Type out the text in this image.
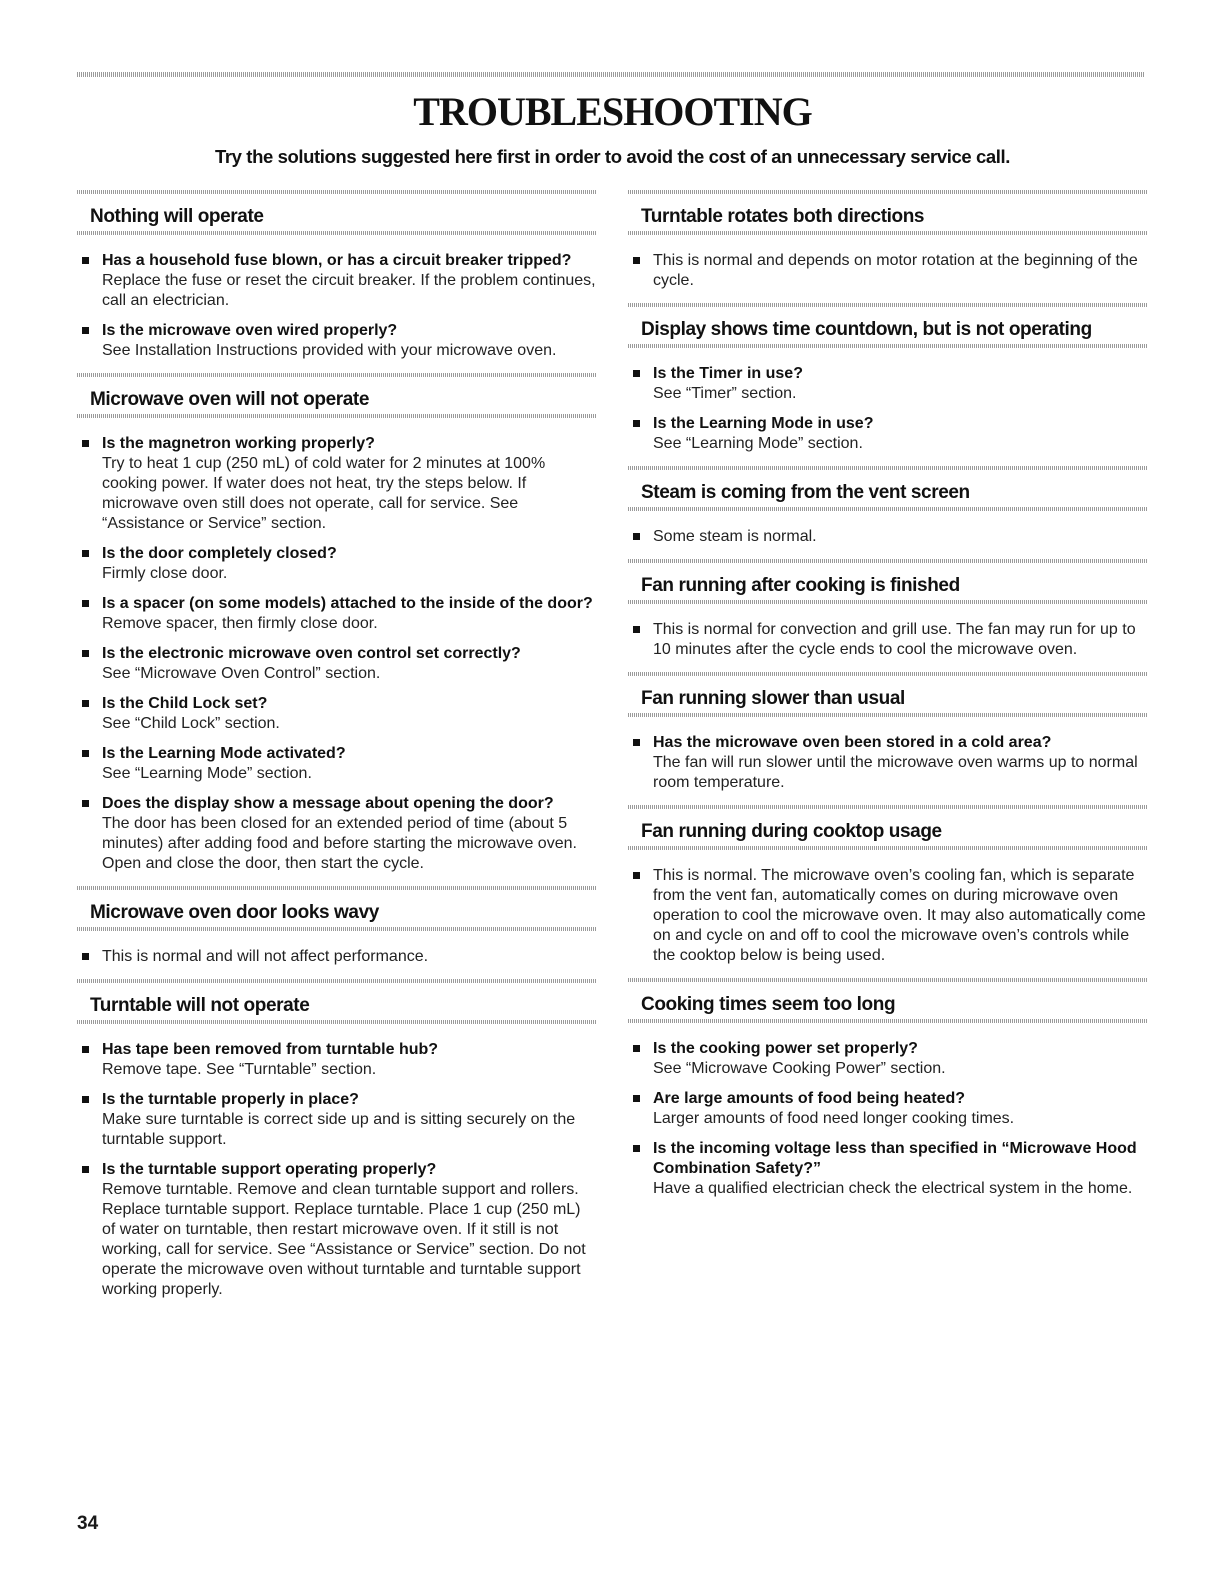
TROUBLESHOOTING
Try the solutions suggested here first in order to avoid the cost of an unnecessary service call.
Nothing will operate
Has a household fuse blown, or has a circuit breaker tripped?
Replace the fuse or reset the circuit breaker. If the problem continues, call an electrician.
Is the microwave oven wired properly?
See Installation Instructions provided with your microwave oven.
Microwave oven will not operate
Is the magnetron working properly?
Try to heat 1 cup (250 mL) of cold water for 2 minutes at 100% cooking power. If water does not heat, try the steps below. If microwave oven still does not operate, call for service. See “Assistance or Service” section.
Is the door completely closed?
Firmly close door.
Is a spacer (on some models) attached to the inside of the door?
Remove spacer, then firmly close door.
Is the electronic microwave oven control set correctly?
See “Microwave Oven Control” section.
Is the Child Lock set?
See “Child Lock” section.
Is the Learning Mode activated?
See “Learning Mode” section.
Does the display show a message about opening the door?
The door has been closed for an extended period of time (about 5 minutes) after adding food and before starting the microwave oven. Open and close the door, then start the cycle.
Microwave oven door looks wavy
This is normal and will not affect performance.
Turntable will not operate
Has tape been removed from turntable hub?
Remove tape. See “Turntable” section.
Is the turntable properly in place?
Make sure turntable is correct side up and is sitting securely on the turntable support.
Is the turntable support operating properly?
Remove turntable. Remove and clean turntable support and rollers. Replace turntable support. Replace turntable. Place 1 cup (250 mL) of water on turntable, then restart microwave oven. If it still is not working, call for service. See “Assistance or Service” section. Do not operate the microwave oven without turntable and turntable support working properly.
Turntable rotates both directions
This is normal and depends on motor rotation at the beginning of the cycle.
Display shows time countdown, but is not operating
Is the Timer in use?
See “Timer” section.
Is the Learning Mode in use?
See “Learning Mode” section.
Steam is coming from the vent screen
Some steam is normal.
Fan running after cooking is finished
This is normal for convection and grill use. The fan may run for up to 10 minutes after the cycle ends to cool the microwave oven.
Fan running slower than usual
Has the microwave oven been stored in a cold area?
The fan will run slower until the microwave oven warms up to normal room temperature.
Fan running during cooktop usage
This is normal. The microwave oven’s cooling fan, which is separate from the vent fan, automatically comes on during microwave oven operation to cool the microwave oven. It may also automatically come on and cycle on and off to cool the microwave oven’s controls while the cooktop below is being used.
Cooking times seem too long
Is the cooking power set properly?
See “Microwave Cooking Power” section.
Are large amounts of food being heated?
Larger amounts of food need longer cooking times.
Is the incoming voltage less than specified in “Microwave Hood Combination Safety?”
Have a qualified electrician check the electrical system in the home.
34
